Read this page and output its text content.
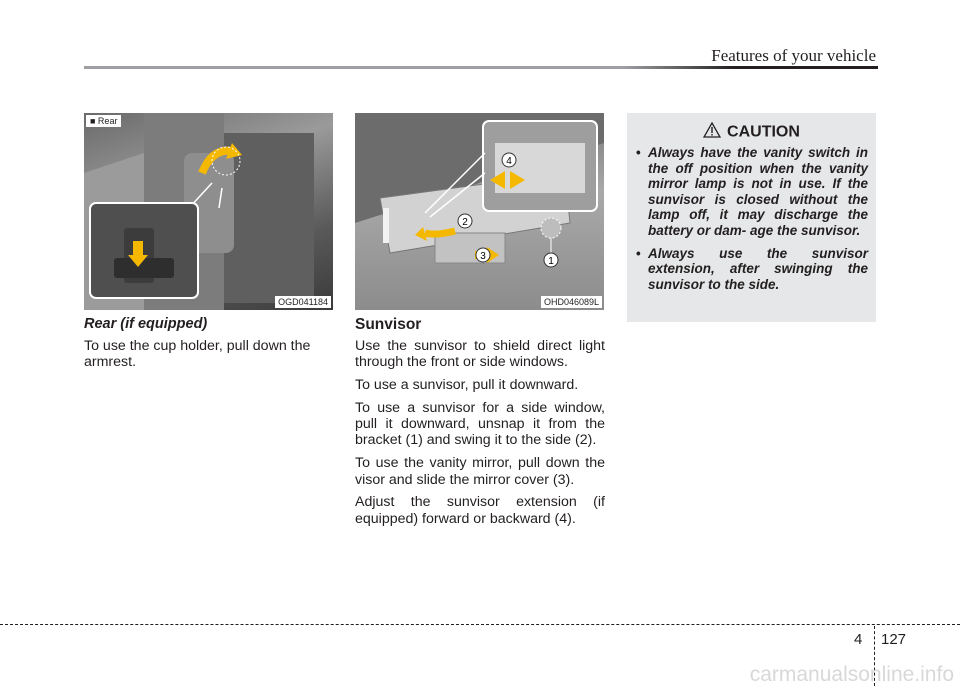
Features of your vehicle
■ Rear
OGD041184
1
2
3
4
OHD046089L
CAUTION
• Always have the vanity switch in the off position when the vanity mirror lamp is not in use. If the sunvisor is closed without the lamp off, it may discharge the battery or dam- age the sunvisor.
• Always use the sunvisor extension, after swinging the sunvisor to the side.
Rear (if equipped)
To use the cup holder, pull down the armrest.
Sunvisor

Use the sunvisor to shield direct light through the front or side windows.

To use a sunvisor, pull it downward.

To use a sunvisor for a side window, pull it downward, unsnap it from the bracket (1) and swing it to the side (2).

To use the vanity mirror, pull down the visor and slide the mirror cover (3).

Adjust the sunvisor extension (if equipped) forward or backward (4).

4 127
carmanualsonline.info
